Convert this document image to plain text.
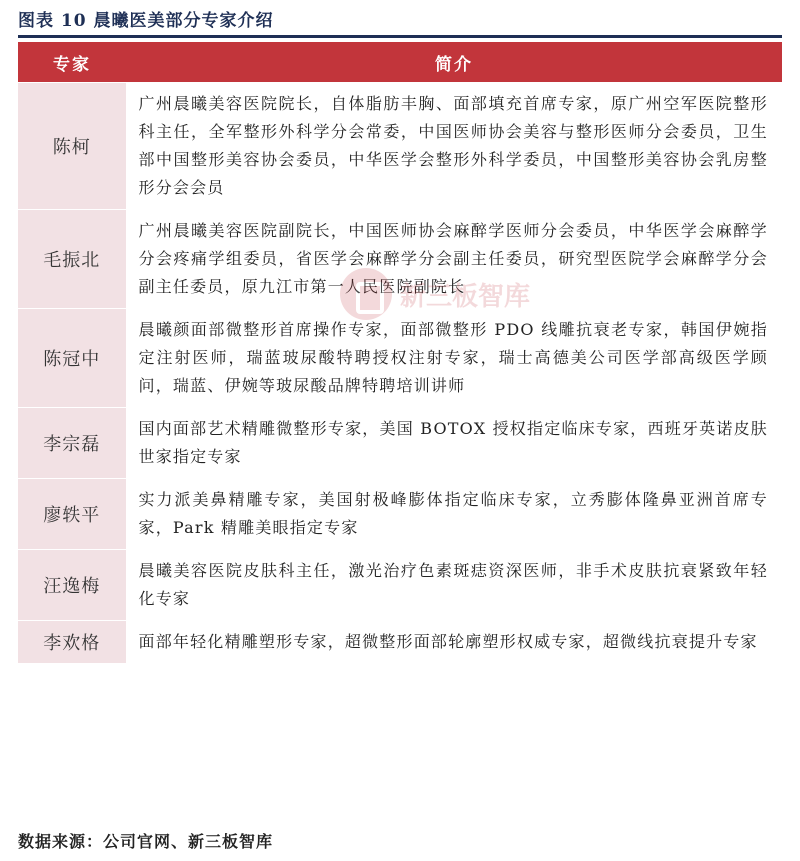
图表 10 晨曦医美部分专家介绍
专家	简介
陈柯	广州晨曦美容医院院长，自体脂肪丰胸、面部填充首席专家，原广州空军医院整形科主任，全军整形外科学分会常委，中国医师协会美容与整形医师分会委员，卫生部中国整形美容协会委员，中华医学会整形外科学委员，中国整形美容协会乳房整形分会会员
毛振北	广州晨曦美容医院副院长，中国医师协会麻醉学医师分会委员，中华医学会麻醉学分会疼痛学组委员，省医学会麻醉学分会副主任委员，研究型医院学会麻醉学分会副主任委员，原九江市第一人民医院副院长
陈冠中	晨曦颜面部微整形首席操作专家，面部微整形 PDO 线雕抗衰老专家，韩国伊婉指定注射医师，瑞蓝玻尿酸特聘授权注射专家，瑞士高德美公司医学部高级医学顾问，瑞蓝、伊婉等玻尿酸品牌特聘培训讲师
李宗磊	国内面部艺术精雕微整形专家，美国 BOTOX 授权指定临床专家，西班牙英诺皮肤世家指定专家
廖轶平	实力派美鼻精雕专家，美国射极峰膨体指定临床专家，立秀膨体隆鼻亚洲首席专家，Park 精雕美眼指定专家
汪逸梅	晨曦美容医院皮肤科主任，激光治疗色素斑痣资深医师，非手术皮肤抗衰紧致年轻化专家
李欢格	面部年轻化精雕塑形专家，超微整形面部轮廓塑形权威专家，超微线抗衰提升专家
数据来源：公司官网、新三板智库
